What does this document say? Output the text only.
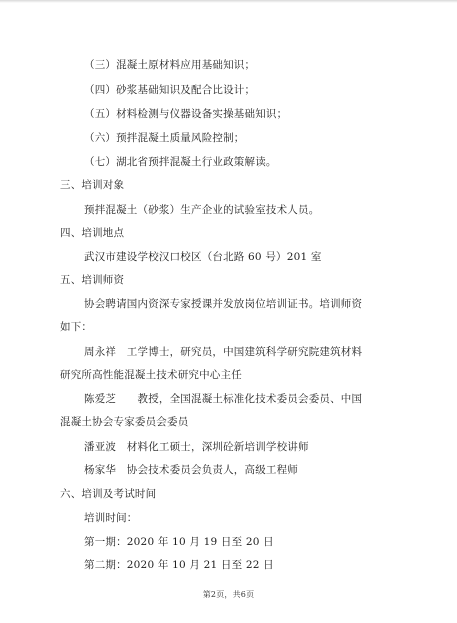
（三）混凝土原材料应用基础知识；
（四）砂浆基础知识及配合比设计；
（五）材料检测与仪器设备实操基础知识；
（六）预拌混凝土质量风险控制；
（七）湖北省预拌混凝土行业政策解读。
三、培训对象
预拌混凝土（砂浆）生产企业的试验室技术人员。
四、培训地点
武汉市建设学校汉口校区（台北路 60 号）201 室
五、培训师资
协会聘请国内资深专家授课并发放岗位培训证书。培训师资
如下：
周永祥　工学博士，研究员，中国建筑科学研究院建筑材料
研究所高性能混凝土技术研究中心主任
陈爱芝　　教授，全国混凝土标准化技术委员会委员、中国
混凝土协会专家委员会委员
潘亚波　材料化工硕士，深圳砼新培训学校讲师
杨家华　协会技术委员会负责人，高级工程师
六、培训及考试时间
培训时间：
第一期：2020 年 10 月 19 日至 20 日
第二期：2020 年 10 月 21 日至 22 日
第2页，共6页
